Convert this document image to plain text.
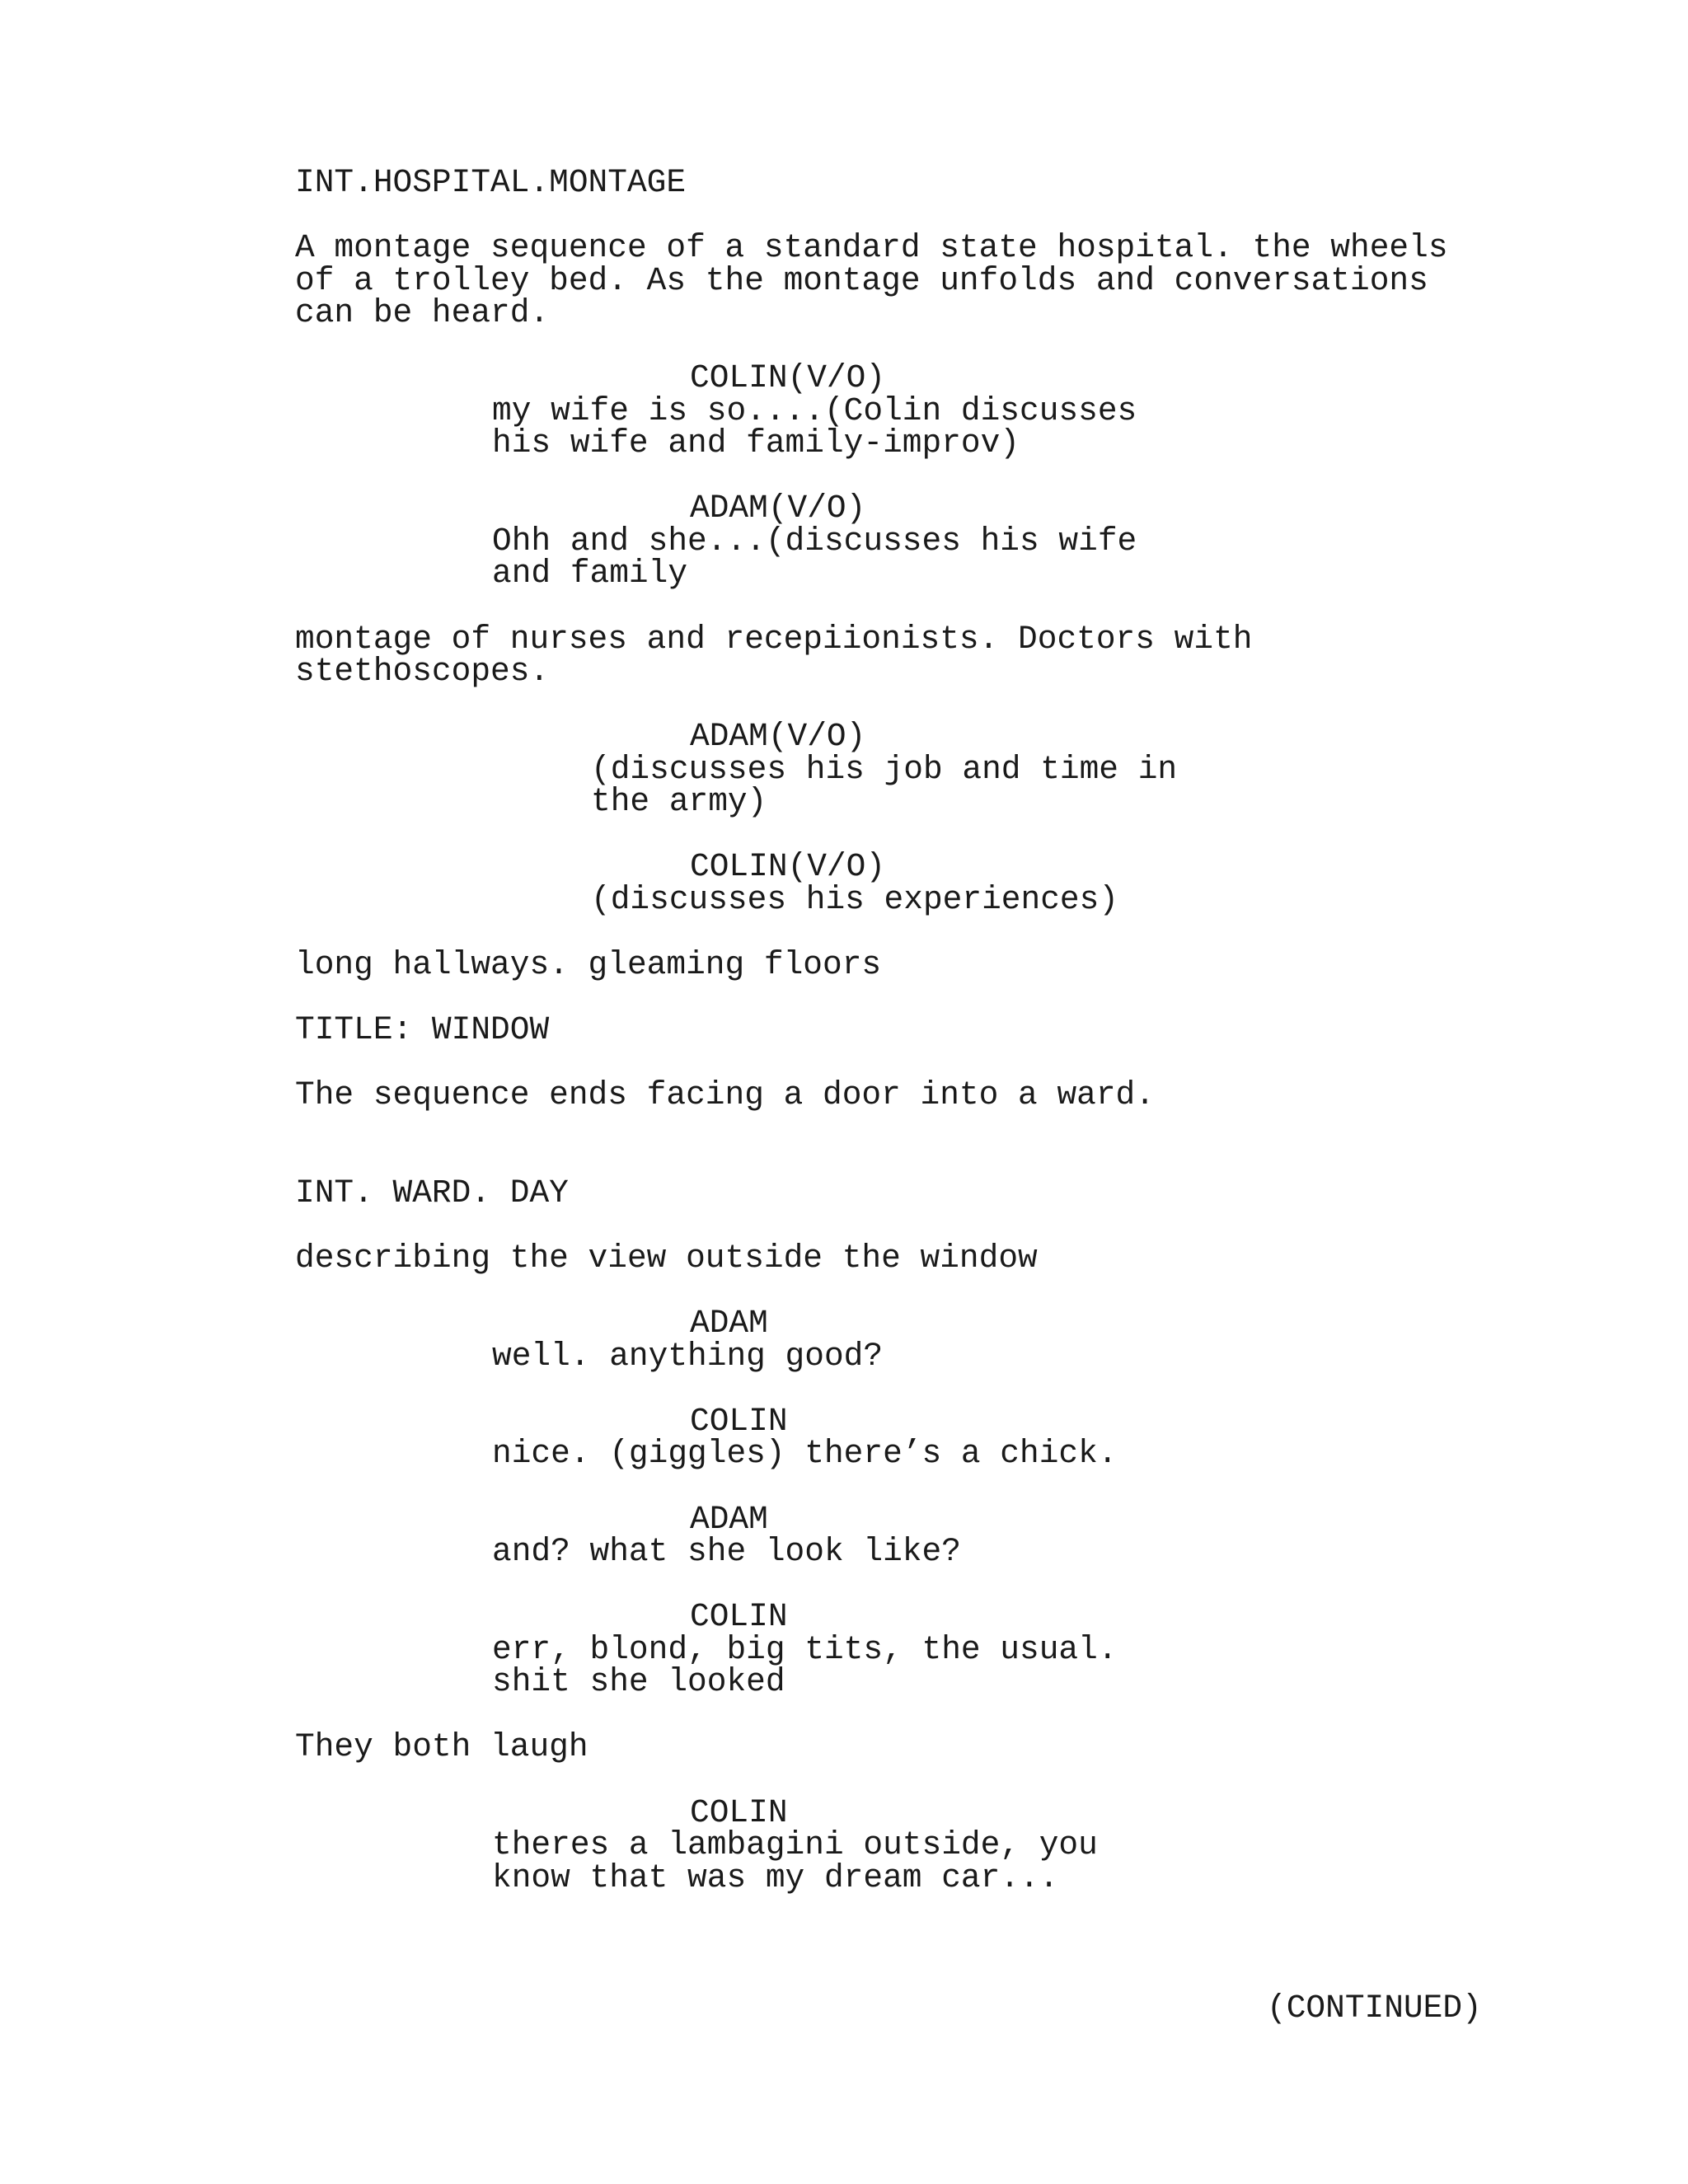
INT.HOSPITAL.MONTAGE
A montage sequence of a standard state hospital. the wheels
of a trolley bed. As the montage unfolds and conversations
can be heard.
COLIN(V/O)
my wife is so....(Colin discusses
his wife and family-improv)
ADAM(V/O)
Ohh and she...(discusses his wife
and family
montage of nurses and recepiionists. Doctors with
stethoscopes.
ADAM(V/O)
(discusses his job and time in
the army)
COLIN(V/O)
(discusses his experiences)
long hallways. gleaming floors
TITLE: WINDOW
The sequence ends facing a door into a ward.
INT. WARD. DAY
describing the view outside the window
ADAM
well. anything good?
COLIN
nice. (giggles) there’s a chick.
ADAM
and? what she look like?
COLIN
err, blond, big tits, the usual.
shit she looked
They both laugh
COLIN
theres a lambagini outside, you
know that was my dream car...
(CONTINUED)
